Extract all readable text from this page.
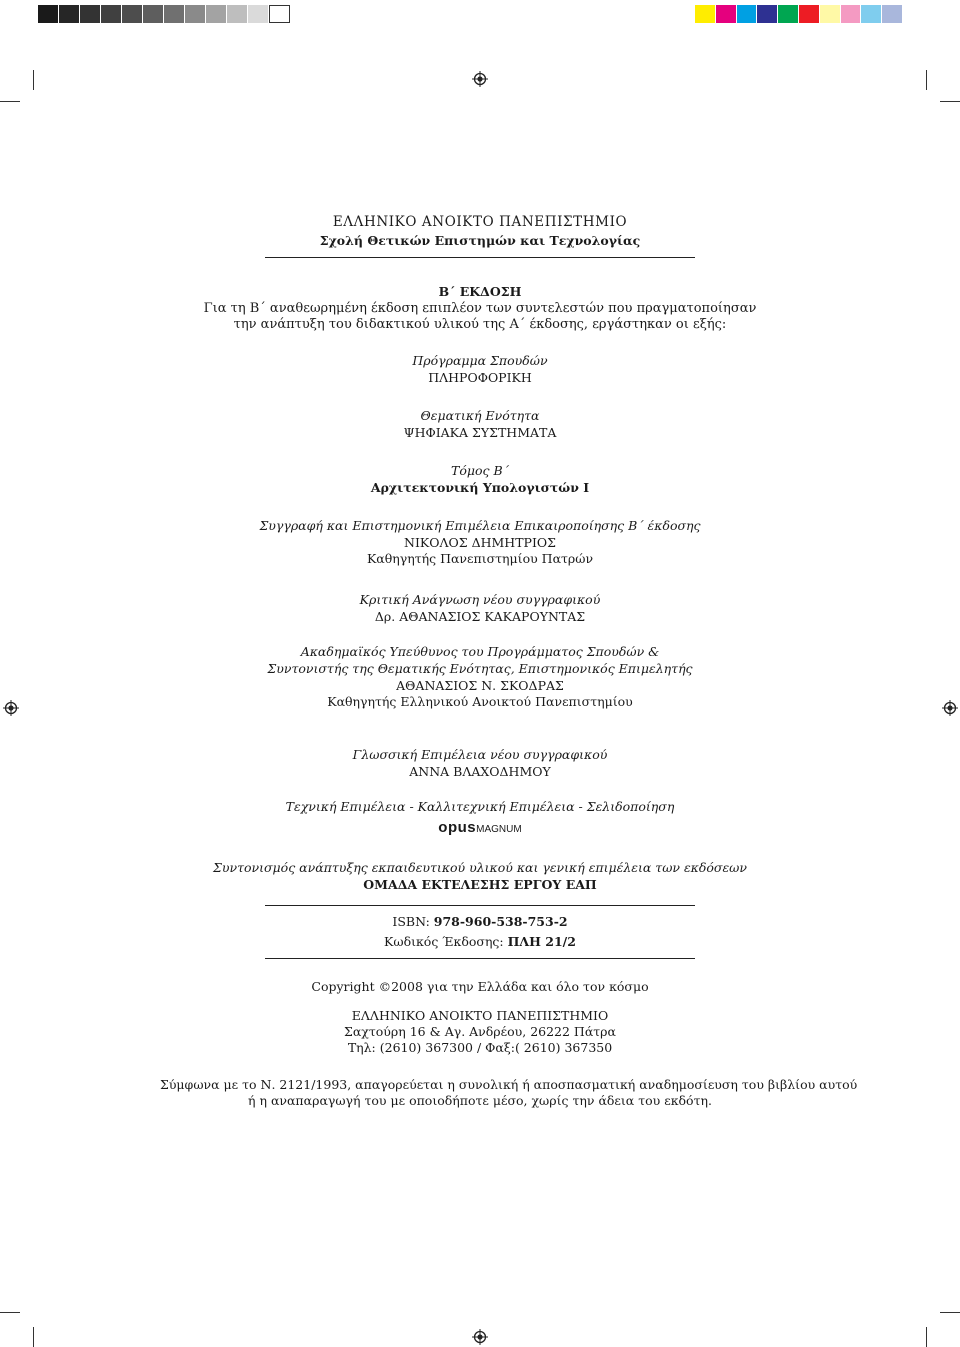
ΕΛΛΗΝΙΚΟ ΑΝΟΙΚΤΟ ΠΑΝΕΠΙΣΤΗΜΙΟ
Σχολή Θετικών Επιστημών και Τεχνολογίας
Β΄ ΕΚΔΟΣΗ
Για τη Β΄ αναθεωρημένη έκδοση επιπλέον των συντελεστών που πραγματοποίησαν
την ανάπτυξη του διδακτικού υλικού της Α΄ έκδοσης, εργάστηκαν οι εξής:
Πρόγραμμα Σπουδών
ΠΛΗΡΟΦΟΡΙΚΗ
Θεματική Ενότητα
ΨΗΦΙΑΚΑ ΣΥΣΤΗΜΑΤΑ
Τόμος Β΄
Αρχιτεκτονική Υπολογιστών Ι
Συγγραφή και Επιστημονική Επιμέλεια Επικαιροποίησης Β΄ έκδοσης
ΝΙΚΟΛΟΣ ΔΗΜΗΤΡΙΟΣ
Καθηγητής Πανεπιστημίου Πατρών
Κριτική Ανάγνωση νέου συγγραφικού
Δρ. ΑΘΑΝΑΣΙΟΣ ΚΑΚΑΡΟΥΝΤΑΣ
Ακαδημαϊκός Υπεύθυνος του Προγράμματος Σπουδών &
Συντονιστής της Θεματικής Ενότητας, Επιστημονικός Επιμελητής
ΑΘΑΝΑΣΙΟΣ Ν. ΣΚΟΔΡΑΣ
Καθηγητής Ελληνικού Ανοικτού Πανεπιστημίου
Γλωσσική Επιμέλεια νέου συγγραφικού
ΑΝΝΑ ΒΛΑΧΟΔΗΜΟΥ
Τεχνική Επιμέλεια - Καλλιτεχνική Επιμέλεια - Σελιδοποίηση
opusMAGNUM
Συντονισμός ανάπτυξης εκπαιδευτικού υλικού και γενική επιμέλεια των εκδόσεων
ΟΜΑΔΑ ΕΚΤΕΛΕΣΗΣ ΕΡΓΟΥ ΕΑΠ
ISBN: 978-960-538-753-2
Κωδικός Έκδοσης: ΠΛΗ 21/2
Copyright ©2008 για την Ελλάδα και όλο τον κόσμο
ΕΛΛΗΝΙΚΟ ΑΝΟΙΚΤΟ ΠΑΝΕΠΙΣΤΗΜΙΟ
Σαχτούρη 16 & Αγ. Ανδρέου, 26222 Πάτρα
Τηλ: (2610) 367300 / Φαξ:( 2610) 367350
Σύμφωνα με το Ν. 2121/1993, απαγορεύεται η συνολική ή αποσπασματική αναδημοσίευση του βιβλίου αυτού
ή η αναπαραγωγή του με οποιοδήποτε μέσο, χωρίς την άδεια του εκδότη.
